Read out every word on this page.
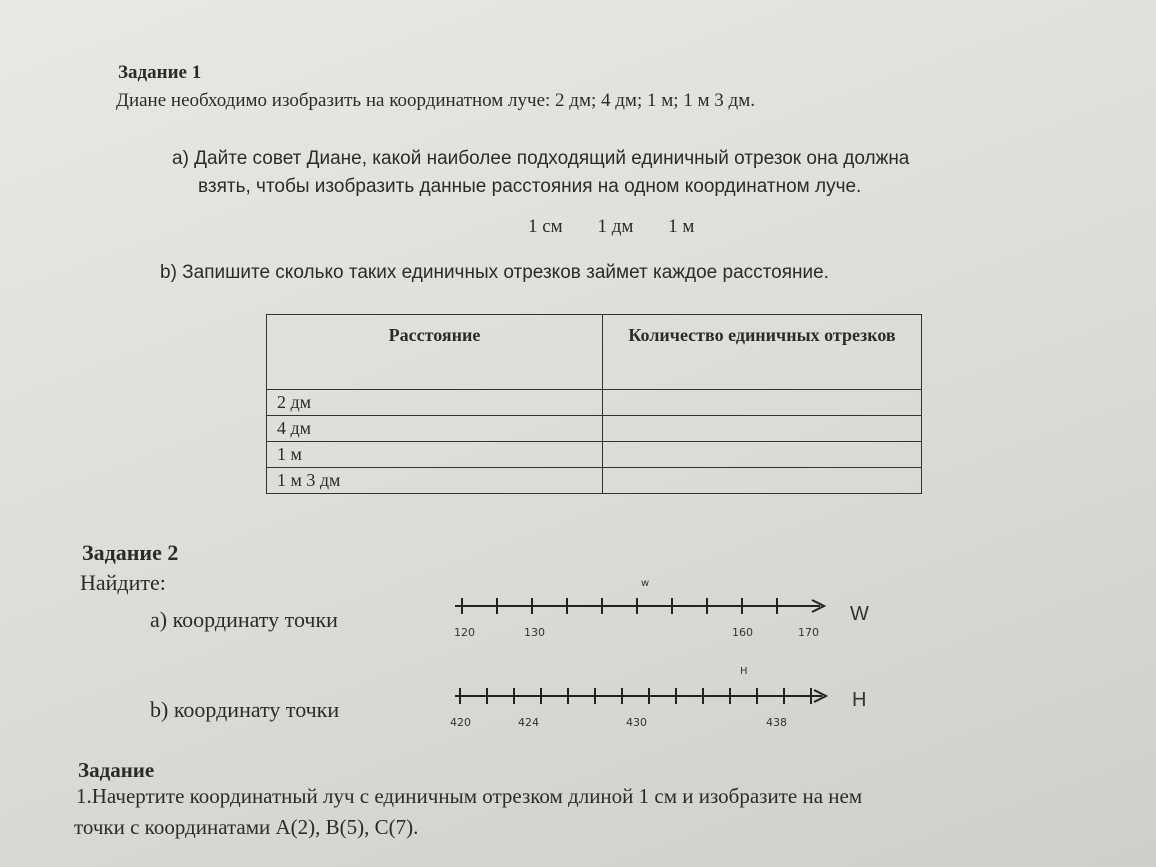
Задание 1
Диане необходимо изобразить на координатном луче: 2 дм; 4 дм; 1 м; 1 м 3 дм.
а) Дайте совет Диане, какой наиболее подходящий единичный отрезок она должна
взять, чтобы изобразить данные расстояния на одном координатном луче.
1 см 1 дм 1 м
b) Запишите сколько таких единичных отрезков займет каждое расстояние.
Расстояние	Количество единичных отрезков
2 дм	
4 дм	
1 м	
1 м 3 дм	
Задание 2
Найдите:
а) координату точки
b) координату точки
w
120	130	160	170
W
H
420	424	430	438
H
Задание
1.Начертите координатный луч с единичным отрезком длиной 1 см и изобразите на нем
точки с координатами A(2), B(5), C(7).
